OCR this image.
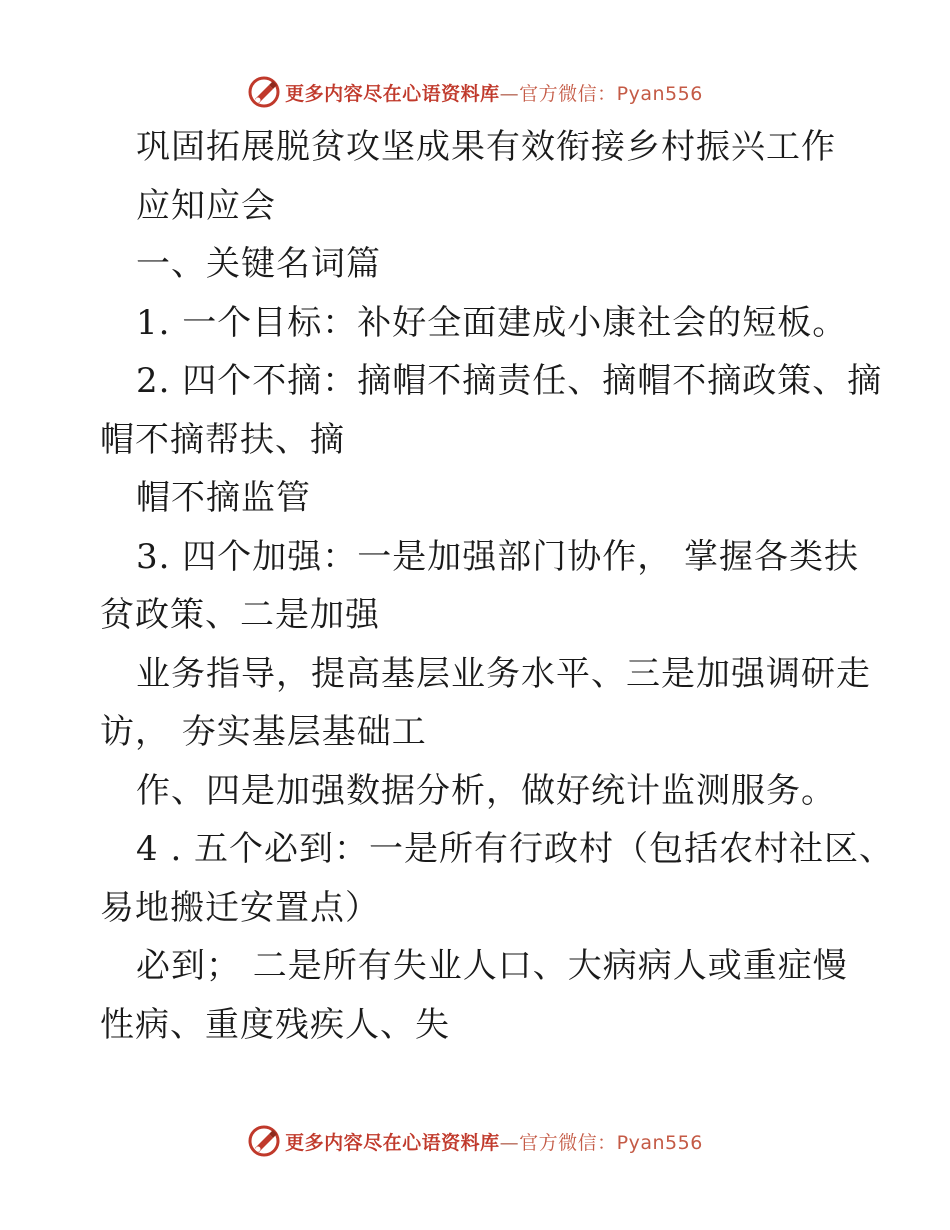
更多内容尽在心语资料库—官方微信：Pyan556
巩固拓展脱贫攻坚成果有效衔接乡村振兴工作
应知应会
一、关键名词篇
1. 一个目标：补好全面建成小康社会的短板。
2. 四个不摘：摘帽不摘责任、摘帽不摘政策、摘
帽不摘帮扶、摘
帽不摘监管
3. 四个加强：一是加强部门协作， 掌握各类扶
贫政策、二是加强
业务指导，提高基层业务水平、三是加强调研走
访， 夯实基层基础工
作、四是加强数据分析，做好统计监测服务。
4 . 五个必到：一是所有行政村（包括农村社区、
易地搬迁安置点）
必到； 二是所有失业人口、大病病人或重症慢
性病、重度残疾人、失
更多内容尽在心语资料库—官方微信：Pyan556
